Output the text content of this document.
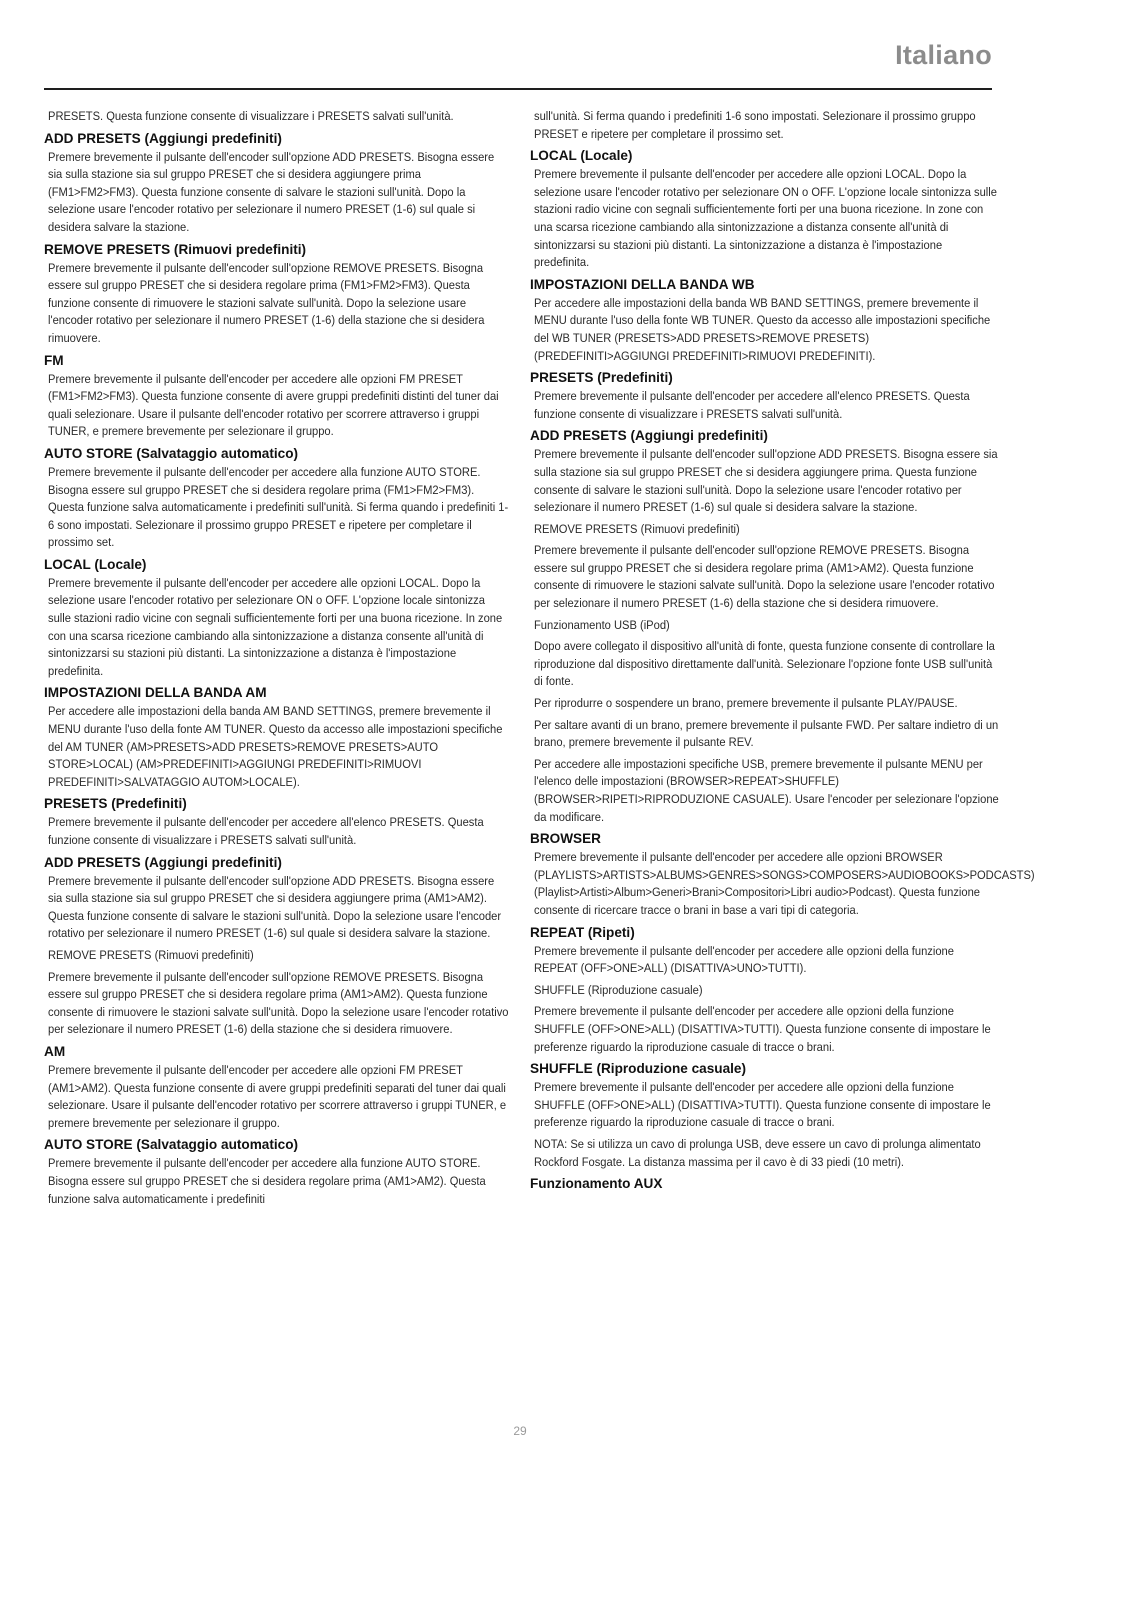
Italiano
PRESETS. Questa funzione consente di visualizzare i PRESETS salvati sull'unità.
ADD PRESETS (Aggiungi predefiniti)
Premere brevemente il pulsante dell'encoder sull'opzione ADD PRESETS. Bisogna essere sia sulla stazione sia sul gruppo PRESET che si desidera aggiungere prima (FM1>FM2>FM3). Questa funzione consente di salvare le stazioni sull'unità. Dopo la selezione usare l'encoder rotativo per selezionare il numero PRESET (1-6) sul quale si desidera salvare la stazione.
REMOVE PRESETS (Rimuovi predefiniti)
Premere brevemente il pulsante dell'encoder sull'opzione REMOVE PRESETS. Bisogna essere sul gruppo PRESET che si desidera regolare prima (FM1>FM2>FM3). Questa funzione consente di rimuovere le stazioni salvate sull'unità. Dopo la selezione usare l'encoder rotativo per selezionare il numero PRESET (1-6) della stazione che si desidera rimuovere.
FM
Premere brevemente il pulsante dell'encoder per accedere alle opzioni FM PRESET (FM1>FM2>FM3). Questa funzione consente di avere gruppi predefiniti distinti del tuner dai quali selezionare. Usare il pulsante dell'encoder rotativo per scorrere attraverso i gruppi TUNER, e premere brevemente per selezionare il gruppo.
AUTO STORE (Salvataggio automatico)
Premere brevemente il pulsante dell'encoder per accedere alla funzione AUTO STORE. Bisogna essere sul gruppo PRESET che si desidera regolare prima (FM1>FM2>FM3). Questa funzione salva automaticamente i predefiniti sull'unità. Si ferma quando i predefiniti 1-6 sono impostati. Selezionare il prossimo gruppo PRESET e ripetere per completare il prossimo set.
LOCAL (Locale)
Premere brevemente il pulsante dell'encoder per accedere alle opzioni LOCAL. Dopo la selezione usare l'encoder rotativo per selezionare ON o OFF. L'opzione locale sintonizza sulle stazioni radio vicine con segnali sufficientemente forti per una buona ricezione. In zone con una scarsa ricezione cambiando alla sintonizzazione a distanza consente all'unità di sintonizzarsi su stazioni più distanti. La sintonizzazione a distanza è l'impostazione predefinita.
IMPOSTAZIONI DELLA BANDA AM
Per accedere alle impostazioni della banda AM BAND SETTINGS, premere brevemente il MENU durante l'uso della fonte AM TUNER. Questo da accesso alle impostazioni specifiche del AM TUNER (AM>PRESETS>ADD PRESETS>REMOVE PRESETS>AUTO STORE>LOCAL) (AM>PREDEFINITI>AGGIUNGI PREDEFINITI>RIMUOVI PREDEFINITI>SALVATAGGIO AUTOM>LOCALE).
PRESETS (Predefiniti)
Premere brevemente il pulsante dell'encoder per accedere all'elenco PRESETS. Questa funzione consente di visualizzare i PRESETS salvati sull'unità.
ADD PRESETS (Aggiungi predefiniti)
Premere brevemente il pulsante dell'encoder sull'opzione ADD PRESETS. Bisogna essere sia sulla stazione sia sul gruppo PRESET che si desidera aggiungere prima (AM1>AM2). Questa funzione consente di salvare le stazioni sull'unità. Dopo la selezione usare l'encoder rotativo per selezionare il numero PRESET (1-6) sul quale si desidera salvare la stazione.
REMOVE PRESETS (Rimuovi predefiniti)
Premere brevemente il pulsante dell'encoder sull'opzione REMOVE PRESETS. Bisogna essere sul gruppo PRESET che si desidera regolare prima (AM1>AM2). Questa funzione consente di rimuovere le stazioni salvate sull'unità. Dopo la selezione usare l'encoder rotativo per selezionare il numero PRESET (1-6) della stazione che si desidera rimuovere.
AM
Premere brevemente il pulsante dell'encoder per accedere alle opzioni FM PRESET (AM1>AM2). Questa funzione consente di avere gruppi predefiniti separati del tuner dai quali selezionare. Usare il pulsante dell'encoder rotativo per scorrere attraverso i gruppi TUNER, e premere brevemente per selezionare il gruppo.
AUTO STORE (Salvataggio automatico)
Premere brevemente il pulsante dell'encoder per accedere alla funzione AUTO STORE. Bisogna essere sul gruppo PRESET che si desidera regolare prima (AM1>AM2). Questa funzione salva automaticamente i predefiniti
sull'unità. Si ferma quando i predefiniti 1-6 sono impostati. Selezionare il prossimo gruppo PRESET e ripetere per completare il prossimo set.
LOCAL (Locale)
Premere brevemente il pulsante dell'encoder per accedere alle opzioni LOCAL. Dopo la selezione usare l'encoder rotativo per selezionare ON o OFF. L'opzione locale sintonizza sulle stazioni radio vicine con segnali sufficientemente forti per una buona ricezione. In zone con una scarsa ricezione cambiando alla sintonizzazione a distanza consente all'unità di sintonizzarsi su stazioni più distanti. La sintonizzazione a distanza è l'impostazione predefinita.
IMPOSTAZIONI DELLA BANDA WB
Per accedere alle impostazioni della banda WB BAND SETTINGS, premere brevemente il MENU durante l'uso della fonte WB TUNER. Questo da accesso alle impostazioni specifiche del WB TUNER (PRESETS>ADD PRESETS>REMOVE PRESETS) (PREDEFINITI>AGGIUNGI PREDEFINITI>RIMUOVI PREDEFINITI).
PRESETS (Predefiniti)
Premere brevemente il pulsante dell'encoder per accedere all'elenco PRESETS. Questa funzione consente di visualizzare i PRESETS salvati sull'unità.
ADD PRESETS (Aggiungi predefiniti)
Premere brevemente il pulsante dell'encoder sull'opzione ADD PRESETS. Bisogna essere sia sulla stazione sia sul gruppo PRESET che si desidera aggiungere prima. Questa funzione consente di salvare le stazioni sull'unità. Dopo la selezione usare l'encoder rotativo per selezionare il numero PRESET (1-6) sul quale si desidera salvare la stazione.
REMOVE PRESETS (Rimuovi predefiniti)
Premere brevemente il pulsante dell'encoder sull'opzione REMOVE PRESETS. Bisogna essere sul gruppo PRESET che si desidera regolare prima (AM1>AM2). Questa funzione consente di rimuovere le stazioni salvate sull'unità. Dopo la selezione usare l'encoder rotativo per selezionare il numero PRESET (1-6) della stazione che si desidera rimuovere.
Funzionamento USB (iPod)
Dopo avere collegato il dispositivo all'unità di fonte, questa funzione consente di controllare la riproduzione dal dispositivo direttamente dall'unità. Selezionare l'opzione fonte USB sull'unità di fonte.
Per riprodurre o sospendere un brano, premere brevemente il pulsante PLAY/PAUSE.
Per saltare avanti di un brano, premere brevemente il pulsante FWD. Per saltare indietro di un brano, premere brevemente il pulsante REV.
Per accedere alle impostazioni specifiche USB, premere brevemente il pulsante MENU per l'elenco delle impostazioni (BROWSER>REPEAT>SHUFFLE) (BROWSER>RIPETI>RIPRODUZIONE CASUALE). Usare l'encoder per selezionare l'opzione da modificare.
BROWSER
Premere brevemente il pulsante dell'encoder per accedere alle opzioni BROWSER (PLAYLISTS>ARTISTS>ALBUMS>GENRES>SONGS>COMPOSERS>AUDIOBOOKS>PODCASTS) (Playlist>Artisti>Album>Generi>Brani>Compositori>Libri audio>Podcast). Questa funzione consente di ricercare tracce o brani in base a vari tipi di categoria.
REPEAT (Ripeti)
Premere brevemente il pulsante dell'encoder per accedere alle opzioni della funzione REPEAT (OFF>ONE>ALL) (DISATTIVA>UNO>TUTTI).
SHUFFLE (Riproduzione casuale)
Premere brevemente il pulsante dell'encoder per accedere alle opzioni della funzione SHUFFLE (OFF>ONE>ALL) (DISATTIVA>TUTTI). Questa funzione consente di impostare le preferenze riguardo la riproduzione casuale di tracce o brani.
SHUFFLE (Riproduzione casuale)
Premere brevemente il pulsante dell'encoder per accedere alle opzioni della funzione SHUFFLE (OFF>ONE>ALL) (DISATTIVA>TUTTI). Questa funzione consente di impostare le preferenze riguardo la riproduzione casuale di tracce o brani.
NOTA: Se si utilizza un cavo di prolunga USB, deve essere un cavo di prolunga alimentato Rockford Fosgate. La distanza massima per il cavo è di 33 piedi (10 metri).
Funzionamento AUX
29
